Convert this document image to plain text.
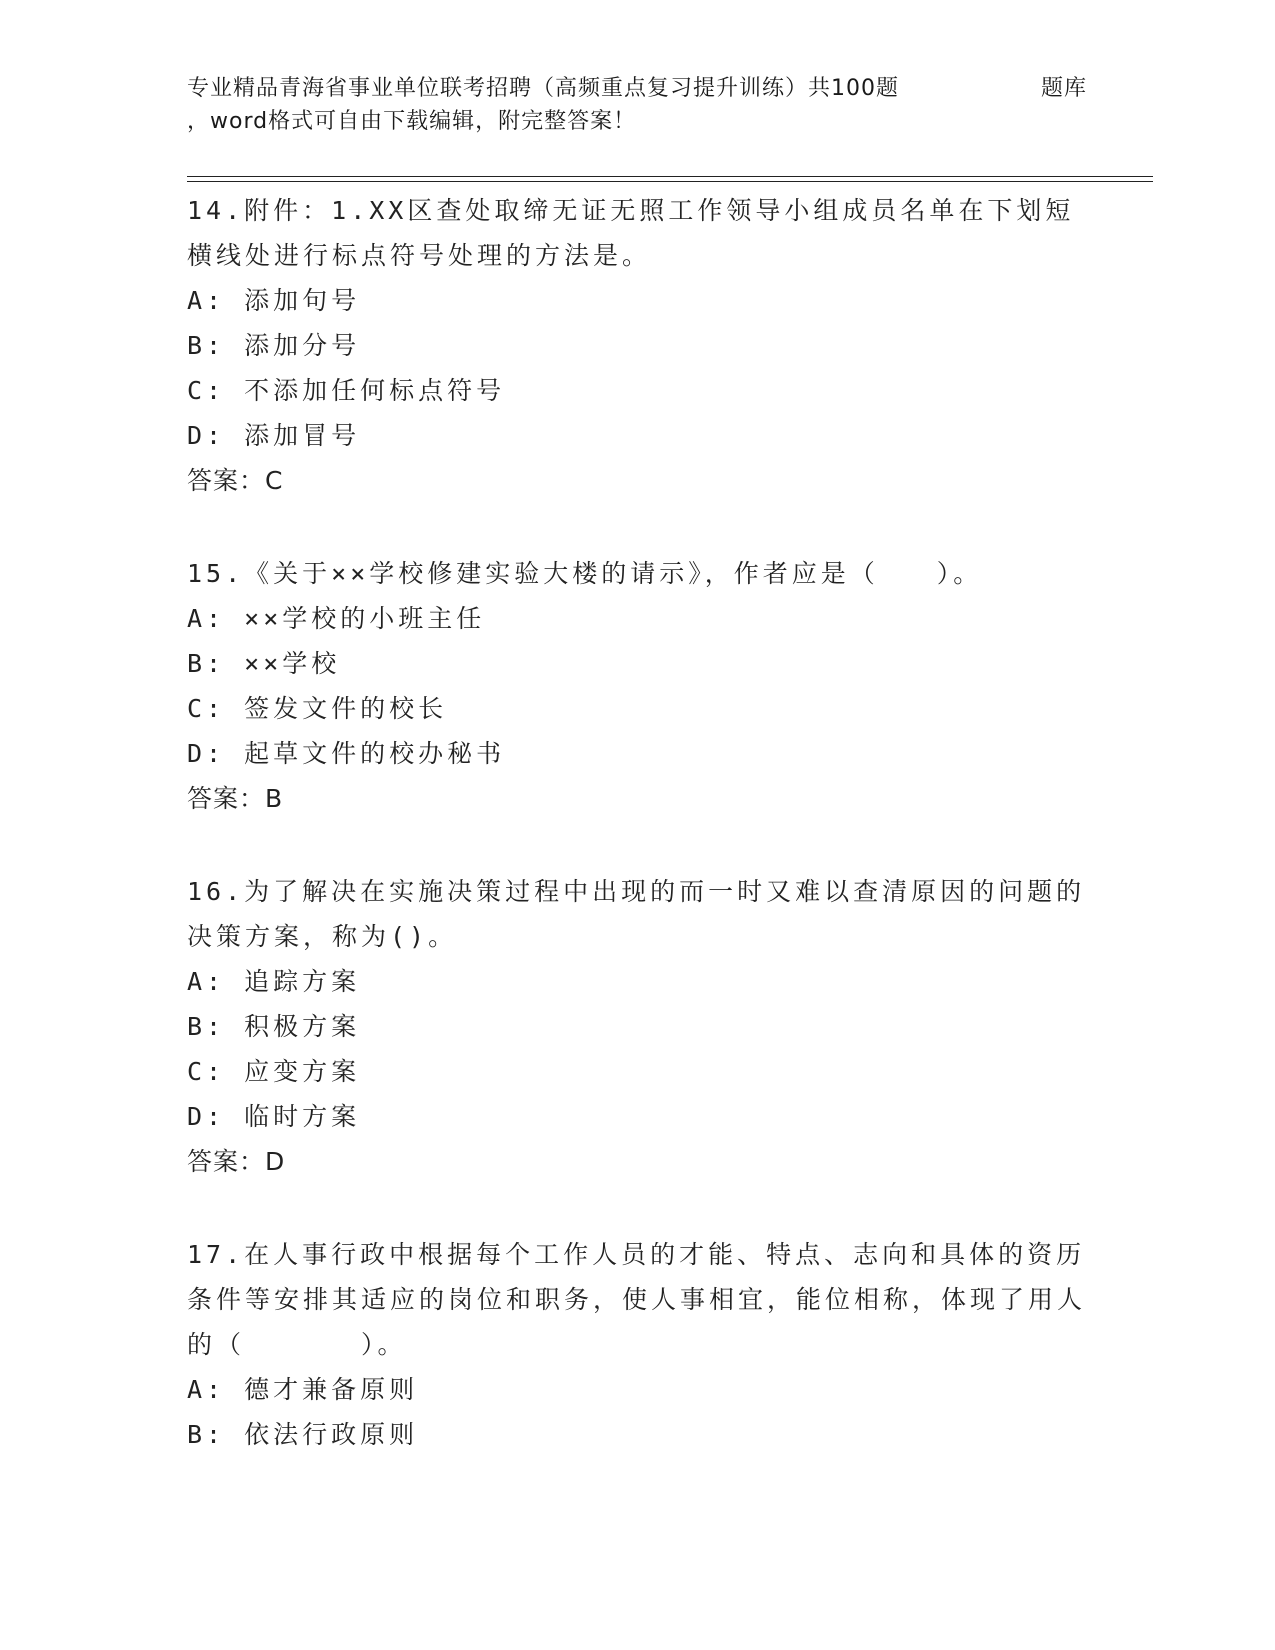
专业精品青海省事业单位联考招聘（高频重点复习提升训练）共100题	题库
，word格式可自由下载编辑，附完整答案！

14.附件：1.XX区查处取缔无证无照工作领导小组成员名单在下划短横线处进行标点符号处理的方法是。

A: 添加句号

B: 添加分号

C: 不添加任何标点符号

D: 添加冒号

答案：C

15.《关于××学校修建实验大楼的请示》，作者应是（　　）。

A: ××学校的小班主任

B: ××学校

C: 签发文件的校长

D: 起草文件的校办秘书

答案：B

16.为了解决在实施决策过程中出现的而一时又难以查清原因的问题的决策方案，称为()。

A: 追踪方案

B: 积极方案

C: 应变方案

D: 临时方案

答案：D

17.在人事行政中根据每个工作人员的才能、特点、志向和具体的资历条件等安排其适应的岗位和职务，使人事相宜，能位相称，体现了用人的（　　　　）。

A: 德才兼备原则

B: 依法行政原则
